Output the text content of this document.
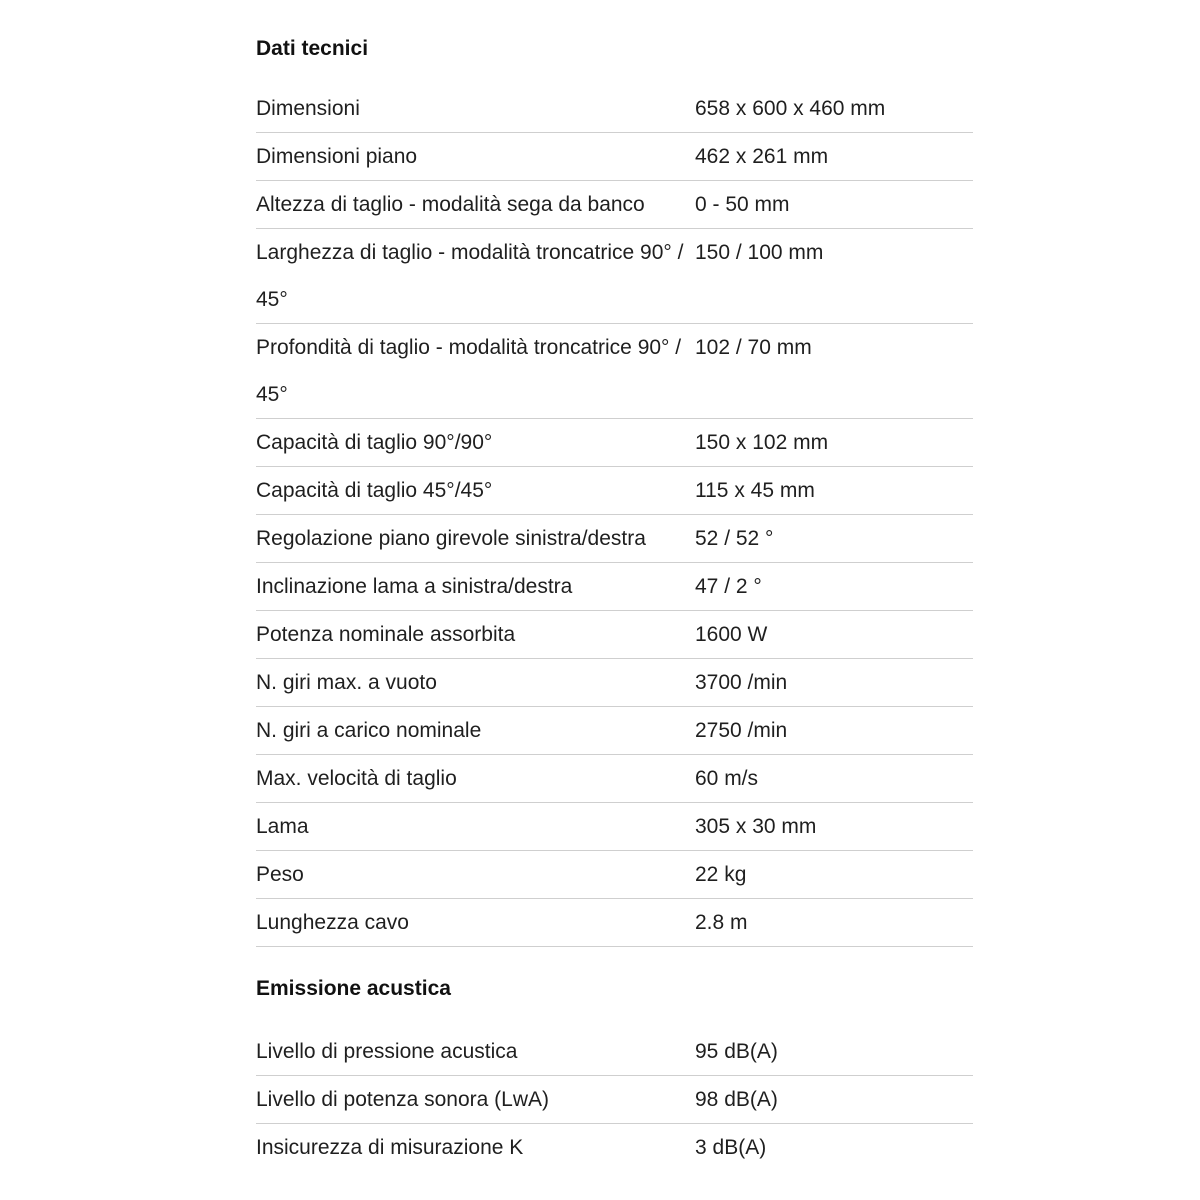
Dati tecnici
Dimensioni	658 x 600 x 460 mm
Dimensioni piano	462 x 261 mm
Altezza di taglio - modalità sega da banco	0 - 50 mm
Larghezza di taglio - modalità troncatrice 90° / 45°	150 / 100 mm
Profondità di taglio - modalità troncatrice 90° / 45°	102 / 70 mm
Capacità di taglio 90°/90°	150 x 102 mm
Capacità di taglio 45°/45°	115 x 45 mm
Regolazione piano girevole sinistra/destra	52 / 52 °
Inclinazione lama a sinistra/destra	47 / 2 °
Potenza nominale assorbita	1600 W
N. giri max. a vuoto	3700 /min
N. giri a carico nominale	2750 /min
Max. velocità di taglio	60 m/s
Lama	305 x 30 mm
Peso	22 kg
Lunghezza cavo	2.8 m
Emissione acustica
Livello di pressione acustica	95 dB(A)
Livello di potenza sonora (LwA)	98 dB(A)
Insicurezza di misurazione K	3 dB(A)
